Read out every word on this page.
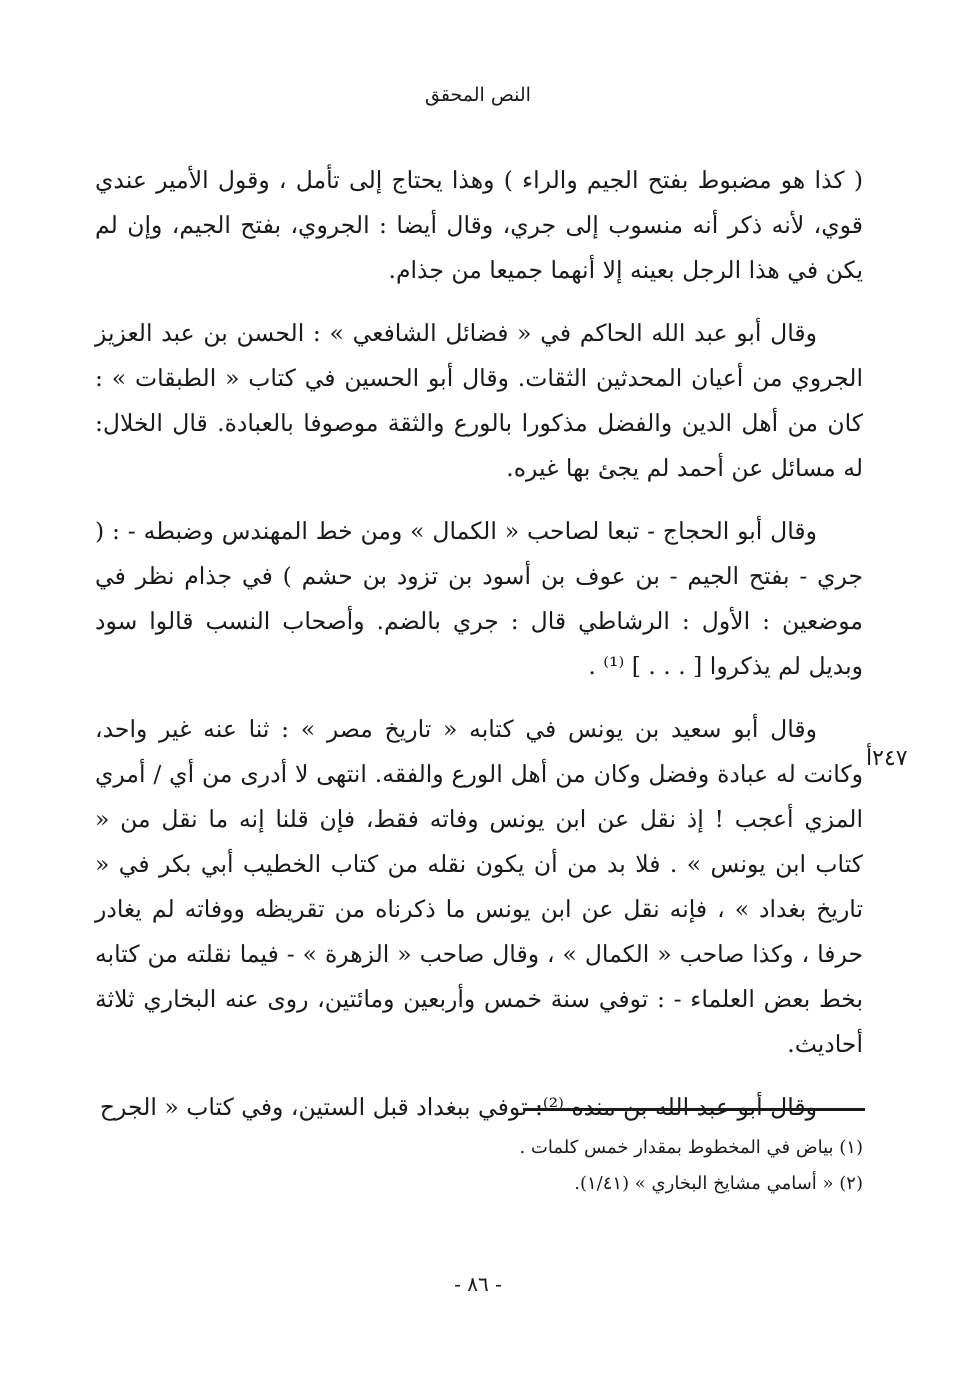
النص المحقق

( كذا هو مضبوط بفتح الجيم والراء ) وهذا يحتاج إلى تأمل ، وقول الأمير عندي قوي، لأنه ذكر أنه منسوب إلى جري، وقال أيضا : الجروي، بفتح الجيم، وإن لم يكن في هذا الرجل بعينه إلا أنهما جميعا من جذام.

وقال أبو عبد الله الحاكم في « فضائل الشافعي » : الحسن بن عبد العزيز الجروي من أعيان المحدثين الثقات. وقال أبو الحسين في كتاب « الطبقات » : كان من أهل الدين والفضل مذكورا بالورع والثقة موصوفا بالعبادة. قال الخلال: له مسائل عن أحمد لم يجئ بها غيره.

وقال أبو الحجاج - تبعا لصاحب « الكمال » ومن خط المهندس وضبطه - : ( جري - بفتح الجيم - بن عوف بن أسود بن تزود بن حشم ) في جذام نظر في موضعين : الأول : الرشاطي قال : جري بالضم. وأصحاب النسب قالوا سود وبديل لم يذكروا [ . . . ] ⁽¹⁾ .

وقال أبو سعيد بن يونس في كتابه « تاريخ مصر » : ثنا عنه غير واحد، وكانت له عبادة وفضل وكان من أهل الورع والفقه. انتهى لا أدرى من أي / أمري المزي أعجب ! إذ نقل عن ابن يونس وفاته فقط، فإن قلنا إنه ما نقل من « كتاب ابن يونس » . فلا بد من أن يكون نقله من كتاب الخطيب أبي بكر في « تاريخ بغداد » ، فإنه نقل عن ابن يونس ما ذكرناه من تقريظه ووفاته لم يغادر حرفا ، وكذا صاحب « الكمال » ، وقال صاحب « الزهرة » - فيما نقلته من كتابه بخط بعض العلماء - : توفي سنة خمس وأربعين ومائتين، روى عنه البخاري ثلاثة أحاديث.

وقال أبو عبد الله بن منده ⁽²⁾: توفي ببغداد قبل الستين، وفي كتاب « الجرح

٢٤٧أ
(١) بياض في المخطوط بمقدار خمس كلمات .
(٢) « أسامي مشايخ البخاري » (١/٤١).
- ٨٦ -
